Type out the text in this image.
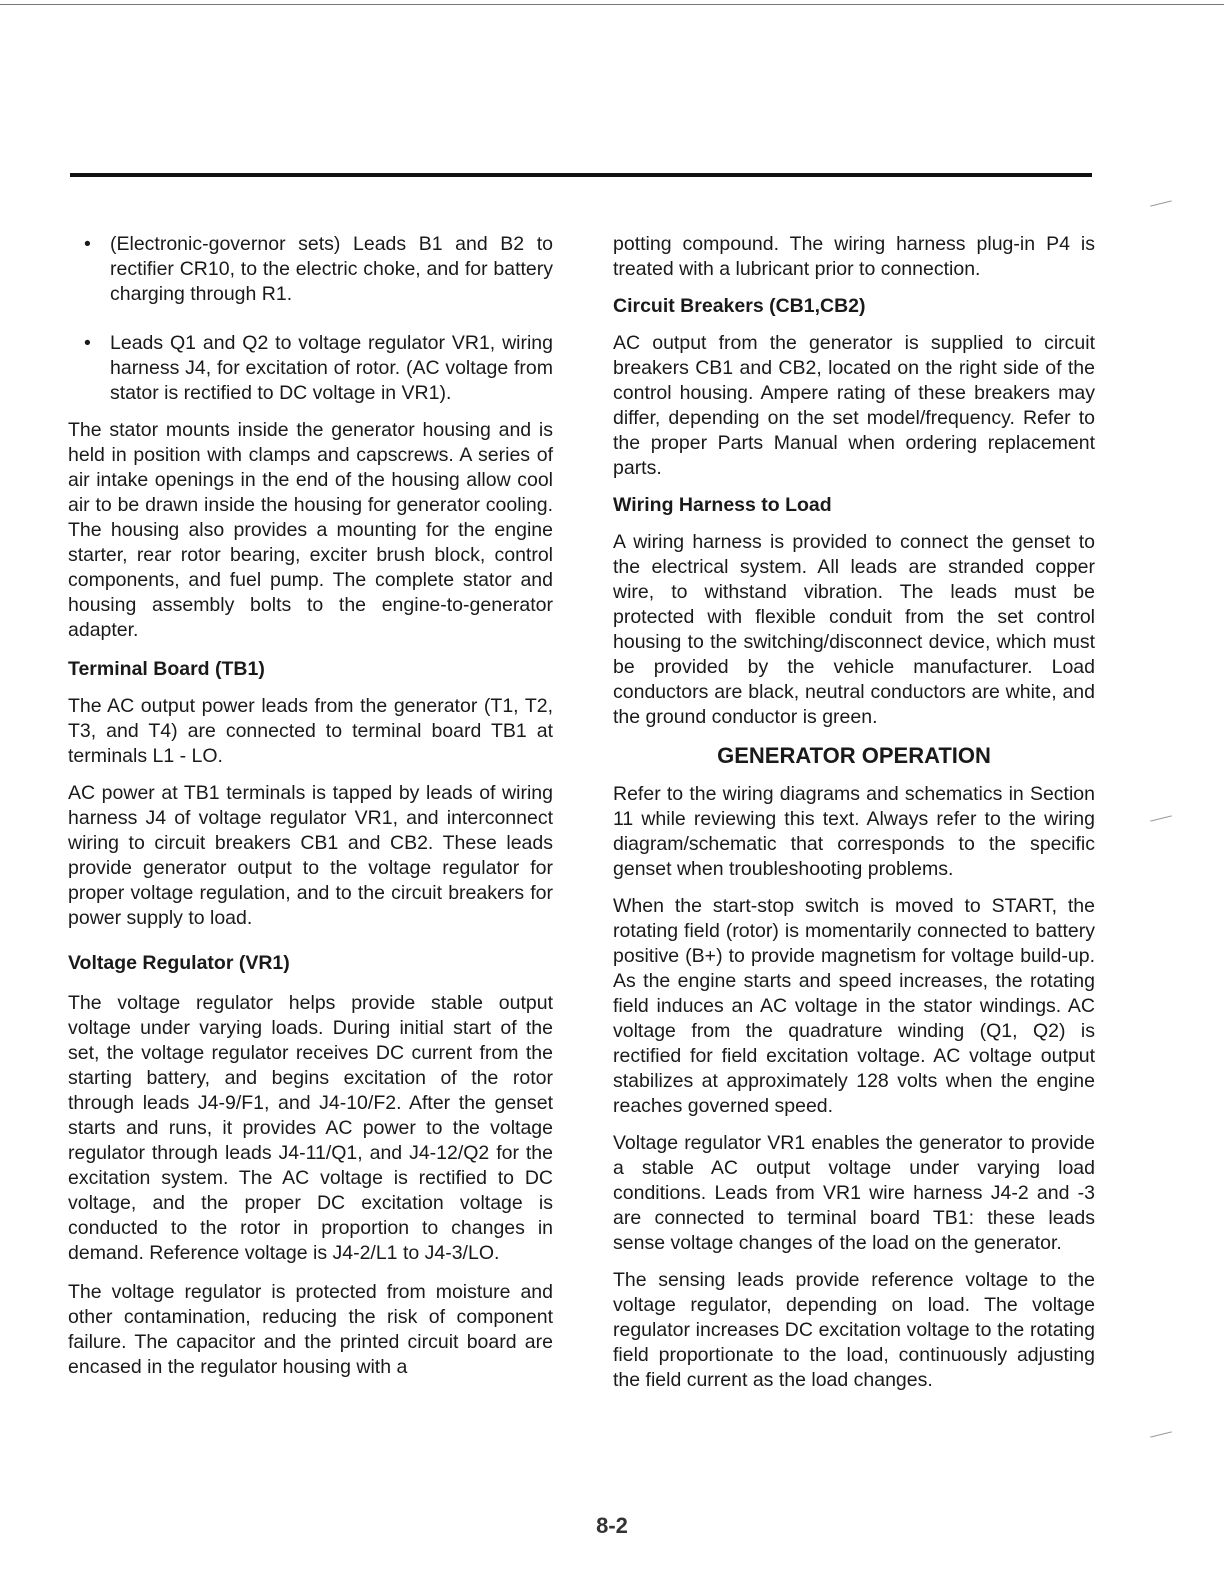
• (Electronic-governor sets) Leads B1 and B2 to rectifier CR10, to the electric choke, and for battery charging through R1.
• Leads Q1 and Q2 to voltage regulator VR1, wiring harness J4, for excitation of rotor. (AC voltage from stator is rectified to DC voltage in VR1).

The stator mounts inside the generator housing and is held in position with clamps and capscrews. A series of air intake openings in the end of the housing allow cool air to be drawn inside the housing for generator cooling. The housing also provides a mounting for the engine starter, rear rotor bearing, exciter brush block, control components, and fuel pump. The complete stator and housing assembly bolts to the engine-to-generator adapter.

Terminal Board (TB1)

The AC output power leads from the generator (T1, T2, T3, and T4) are connected to terminal board TB1 at terminals L1 - LO.

AC power at TB1 terminals is tapped by leads of wiring harness J4 of voltage regulator VR1, and interconnect wiring to circuit breakers CB1 and CB2. These leads provide generator output to the voltage regulator for proper voltage regulation, and to the circuit breakers for power supply to load.

Voltage Regulator (VR1)

The voltage regulator helps provide stable output voltage under varying loads. During initial start of the set, the voltage regulator receives DC current from the starting battery, and begins excitation of the rotor through leads J4-9/F1, and J4-10/F2. After the genset starts and runs, it provides AC power to the voltage regulator through leads J4-11/Q1, and J4-12/Q2 for the excitation system. The AC voltage is rectified to DC voltage, and the proper DC excitation voltage is conducted to the rotor in proportion to changes in demand. Reference voltage is J4-2/L1 to J4-3/LO.

The voltage regulator is protected from moisture and other contamination, reducing the risk of component failure. The capacitor and the printed circuit board are encased in the regulator housing with a

potting compound. The wiring harness plug-in P4 is treated with a lubricant prior to connection.

Circuit Breakers (CB1,CB2)

AC output from the generator is supplied to circuit breakers CB1 and CB2, located on the right side of the control housing. Ampere rating of these breakers may differ, depending on the set model/frequency. Refer to the proper Parts Manual when ordering replacement parts.

Wiring Harness to Load

A wiring harness is provided to connect the genset to the electrical system. All leads are stranded copper wire, to withstand vibration. The leads must be protected with flexible conduit from the set control housing to the switching/disconnect device, which must be provided by the vehicle manufacturer. Load conductors are black, neutral conductors are white, and the ground conductor is green.

GENERATOR OPERATION

Refer to the wiring diagrams and schematics in Section 11 while reviewing this text. Always refer to the wiring diagram/schematic that corresponds to the specific genset when troubleshooting problems.

When the start-stop switch is moved to START, the rotating field (rotor) is momentarily connected to battery positive (B+) to provide magnetism for voltage build-up. As the engine starts and speed increases, the rotating field induces an AC voltage in the stator windings. AC voltage from the quadrature winding (Q1, Q2) is rectified for field excitation voltage. AC voltage output stabilizes at approximately 128 volts when the engine reaches governed speed.

Voltage regulator VR1 enables the generator to provide a stable AC output voltage under varying load conditions. Leads from VR1 wire harness J4-2 and -3 are connected to terminal board TB1: these leads sense voltage changes of the load on the generator.

The sensing leads provide reference voltage to the voltage regulator, depending on load. The voltage regulator increases DC excitation voltage to the rotating field proportionate to the load, continuously adjusting the field current as the load changes.

8-2
